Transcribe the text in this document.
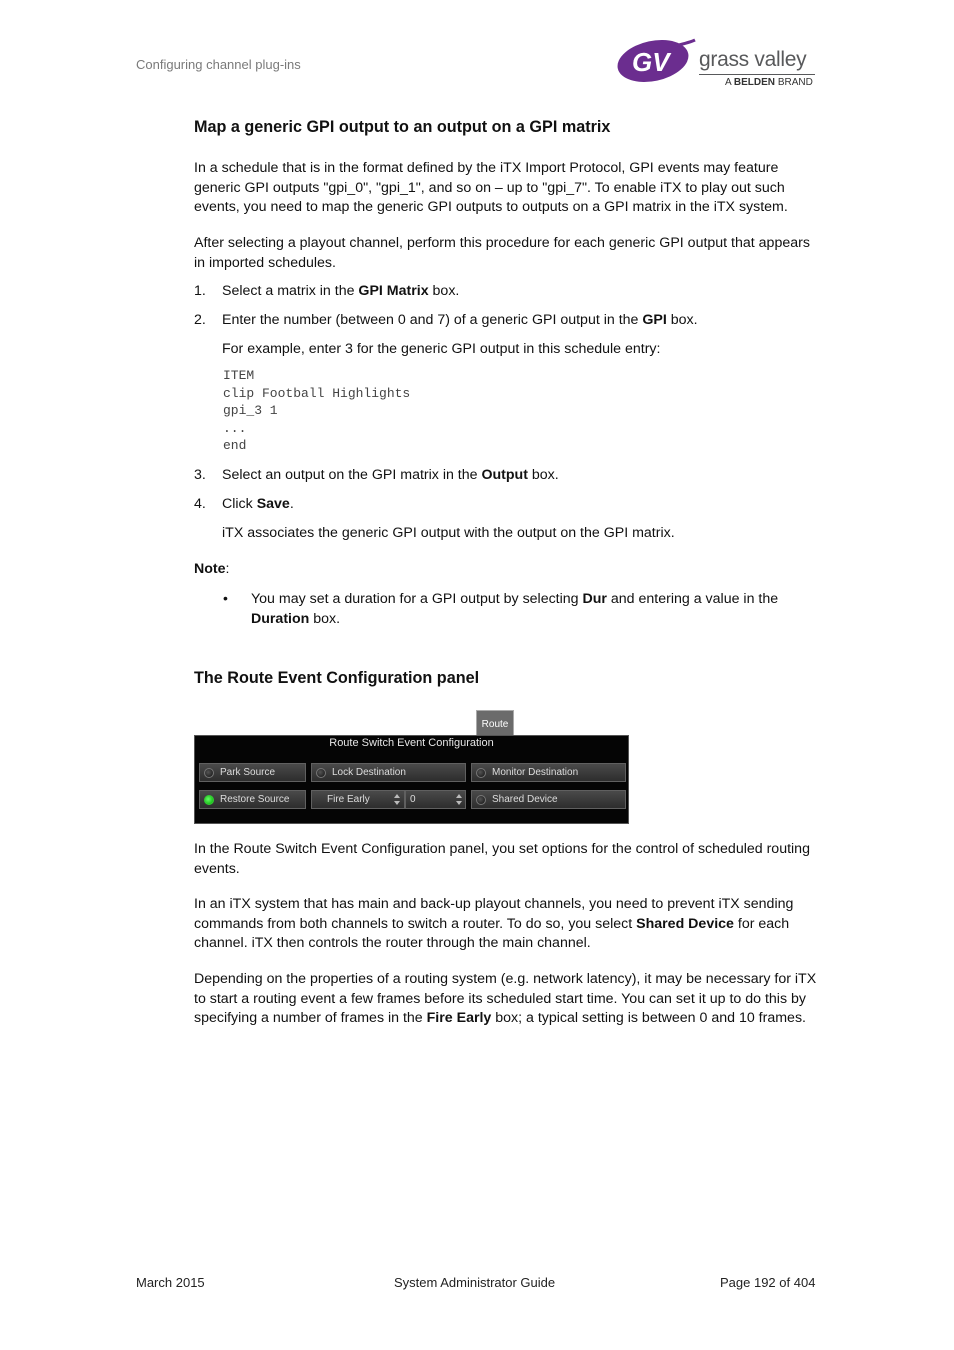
Configuring channel plug-ins	GV grass valley
A BELDEN BRAND
Map a generic GPI output to an output on a GPI matrix

In a schedule that is in the format defined by the iTX Import Protocol, GPI events may feature generic GPI outputs "gpi_0", "gpi_1", and so on – up to "gpi_7". To enable iTX to play out such events, you need to map the generic GPI outputs to outputs on a GPI matrix in the iTX system.

After selecting a playout channel, perform this procedure for each generic GPI output that appears in imported schedules.

1. Select a matrix in the GPI Matrix box.
2. Enter the number (between 0 and 7) of a generic GPI output in the GPI box.
For example, enter 3 for the generic GPI output in this schedule entry:
ITEM
clip Football Highlights
gpi_3 1
...
end
3. Select an output on the GPI matrix in the Output box.
4. Click Save.
iTX associates the generic GPI output with the output on the GPI matrix.
Note:
• You may set a duration for a GPI output by selecting Dur and entering a value in the Duration box.
The Route Event Configuration panel
Route
Route Switch Event Configuration
Park Source	Lock Destination	Monitor Destination
Restore Source	Fire Early	0	Shared Device

In the Route Switch Event Configuration panel, you set options for the control of scheduled routing events.

In an iTX system that has main and back-up playout channels, you need to prevent iTX sending commands from both channels to switch a router. To do so, you select Shared Device for each channel. iTX then controls the router through the main channel.

Depending on the properties of a routing system (e.g. network latency), it may be necessary for iTX to start a routing event a few frames before its scheduled start time. You can set it up to do this by specifying a number of frames in the Fire Early box; a typical setting is between 0 and 10 frames.

March 2015	System Administrator Guide	Page 192 of 404
